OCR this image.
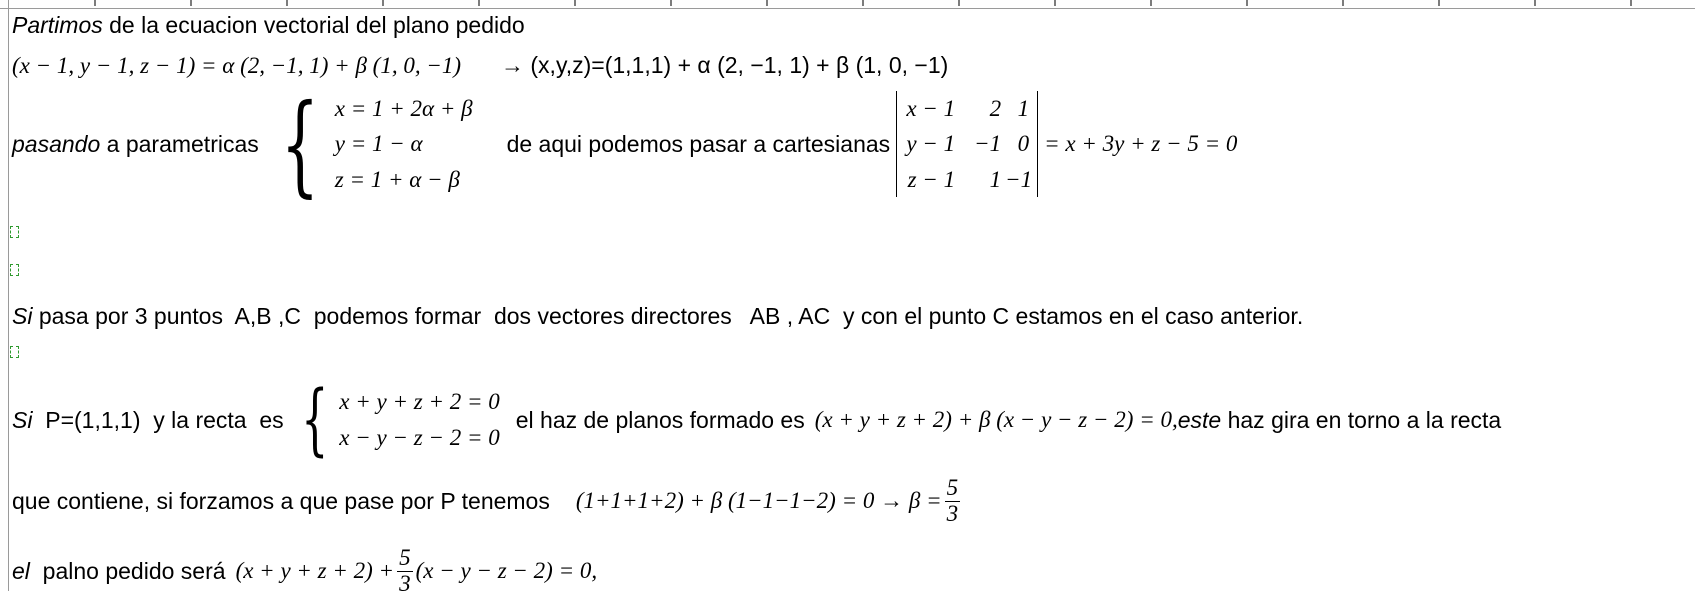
Partimos de la ecuacion vectorial del plano pedido
(x − 1, y − 1, z − 1) = α (2, −1, 1) + β (1, 0, −1) → (x,y,z)=(1,1,1) + α (2, −1, 1) + β (1, 0, −1)
pasando a parametricas { x = 1 + 2α + β
y = 1 − α
z = 1 + α − β
de aqui podemos pasar a cartesianas
x − 1	2 1
y − 1 −1 0
z − 1	1 −1
= x + 3y + z − 5 = 0
Si pasa por 3 puntos  A,B ,C  podemos formar  dos vectores directores   AB , AC  y con el punto C estamos en el caso anterior.
Si P=(1,1,1)  y la recta  es { x + y + z + 2 = 0
x − y − z − 2 = 0
el haz de planos formado es (x + y + z + 2) + β (x − y − z − 2) = 0, este haz gira en torno a la recta
que contiene, si forzamos a que pase por P tenemos (1+1+1+2) + β $(1-1-1-2) = 0 \to \beta = \frac{5}{3}$
el palno pedido será $(x + y + z + 2) + \frac{5}{3} (x - y - z - 2) = 0$,
